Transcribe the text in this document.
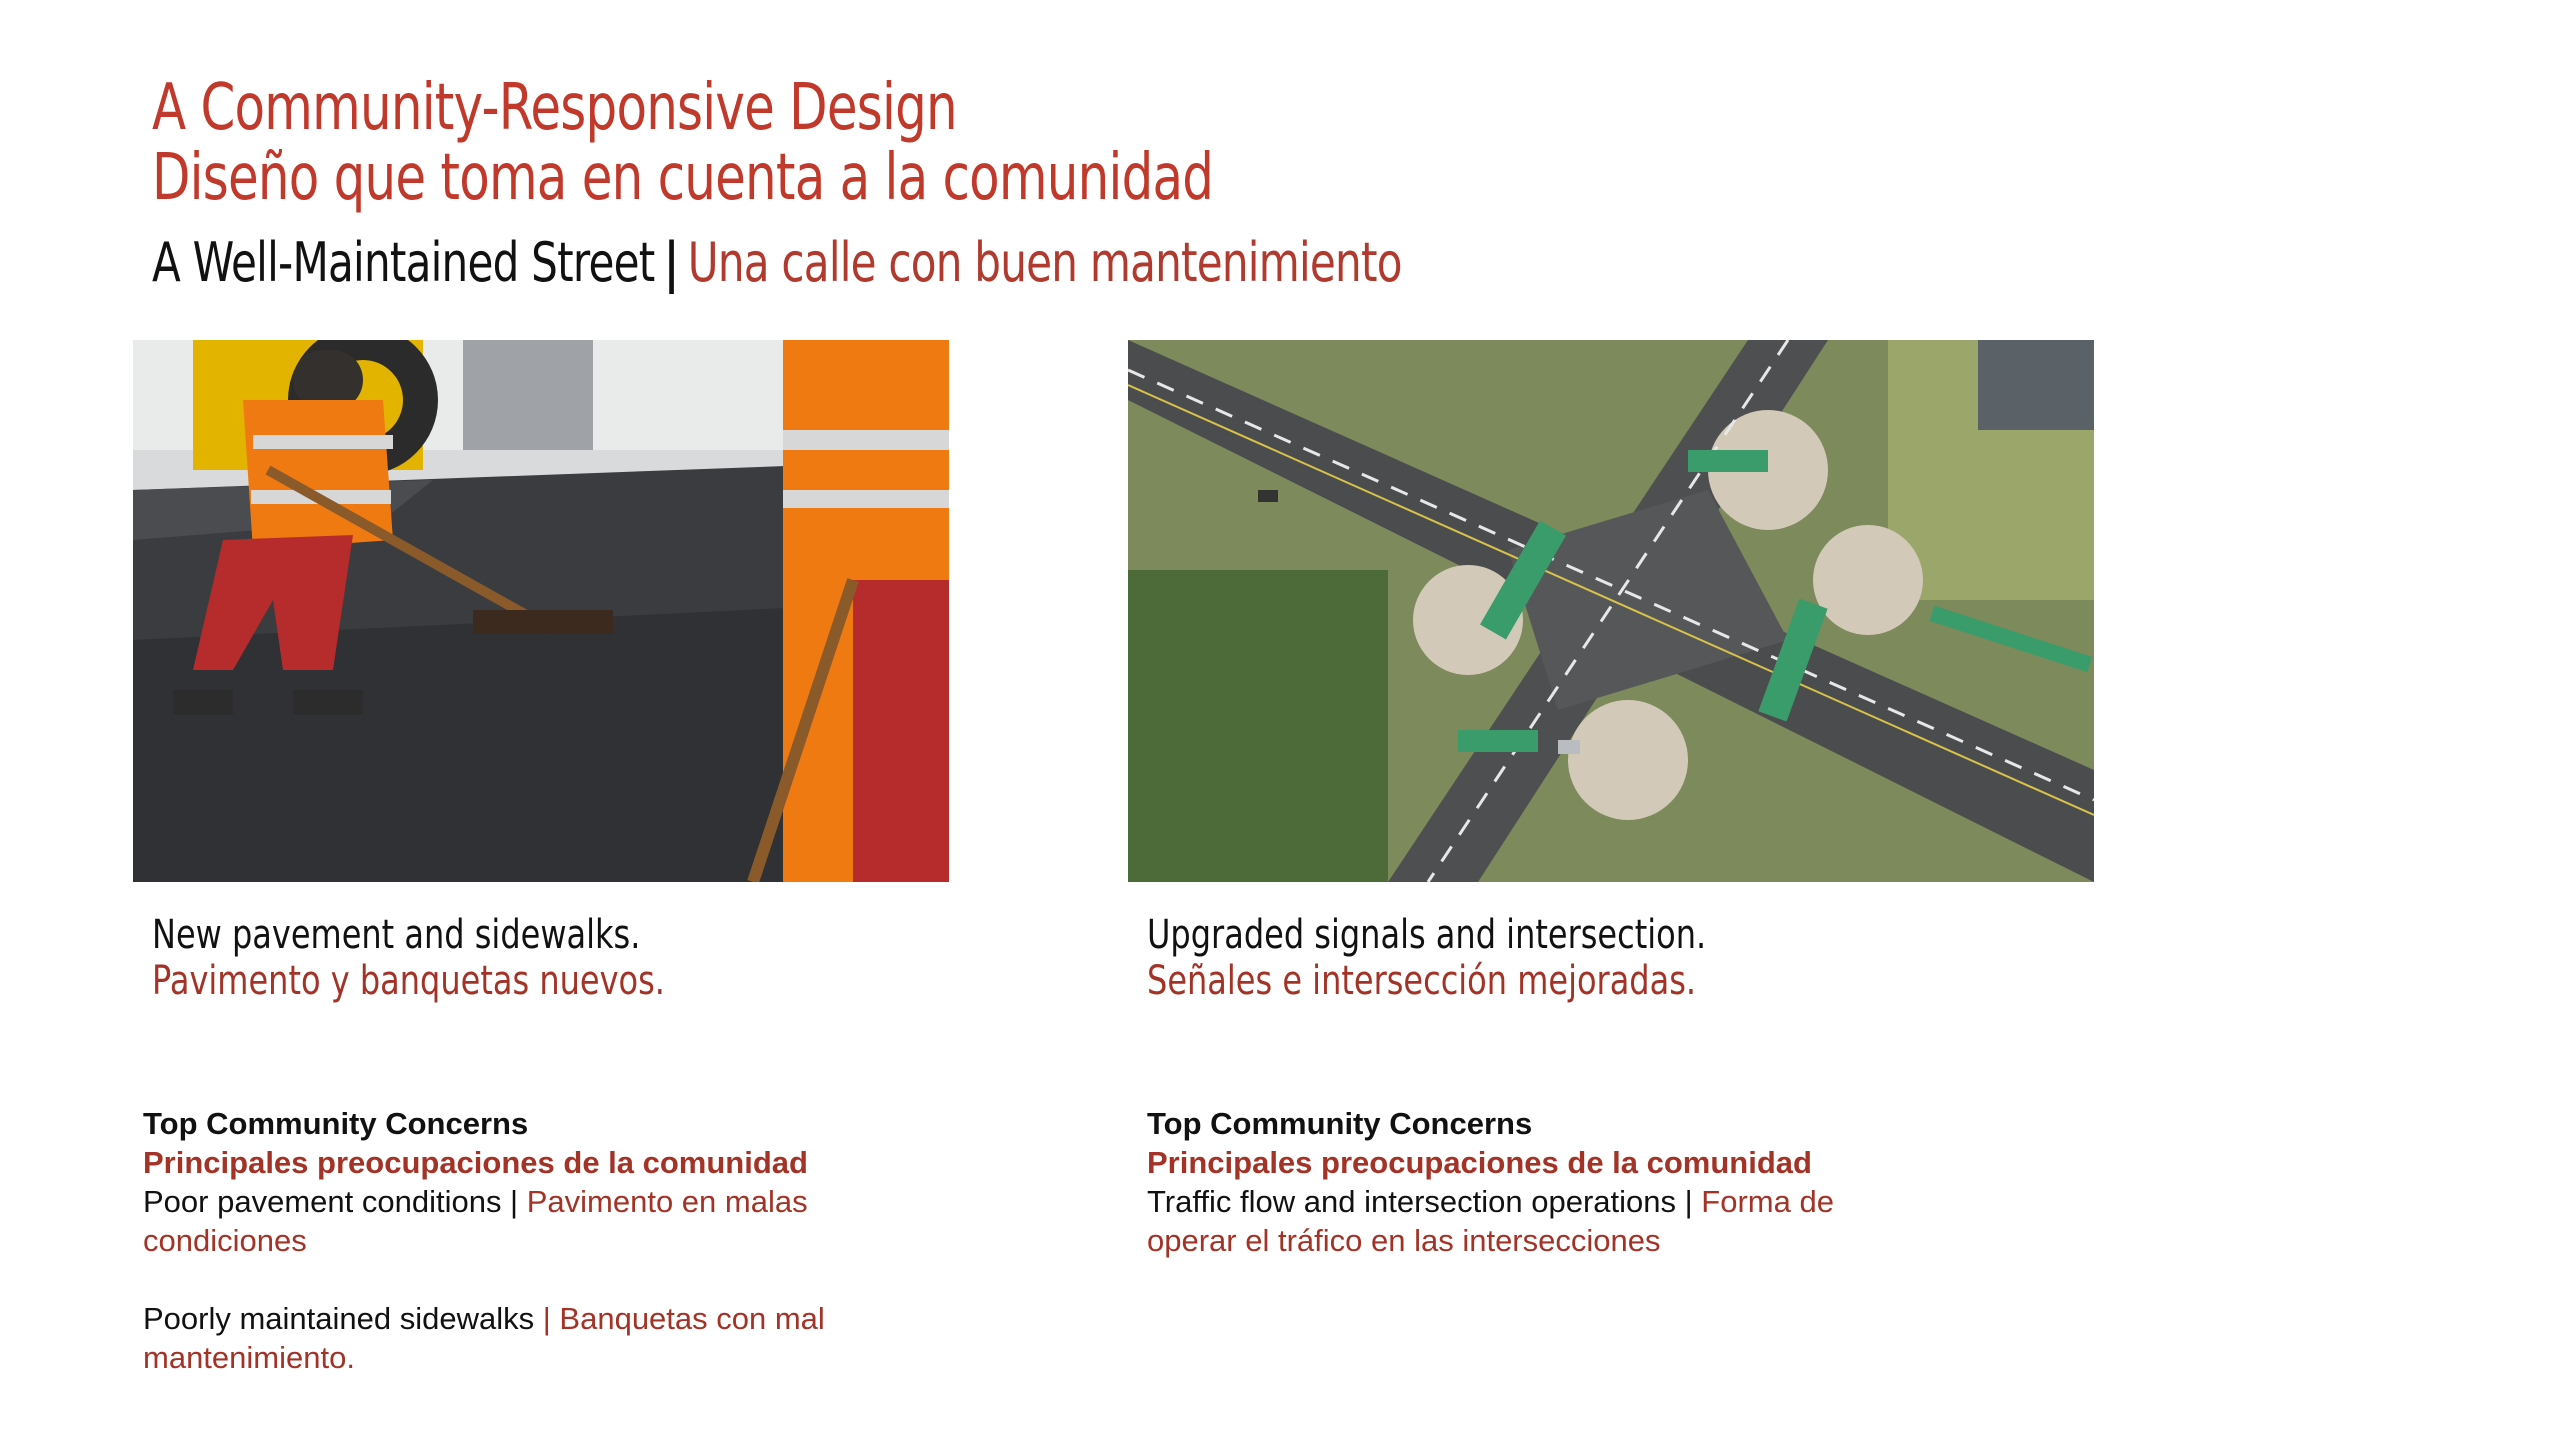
A Community-Responsive Design
Diseño que toma en cuenta a la comunidad
A Well-Maintained Street | Una calle con buen mantenimiento
New pavement and sidewalks.
Pavimento y banquetas nuevos.
Upgraded signals and intersection.
Señales e intersección mejoradas.
Top Community Concerns
Principales preocupaciones de la comunidad

Poor pavement conditions | Pavimento en malas condiciones

Poorly maintained sidewalks | Banquetas con mal mantenimiento.

Top Community Concerns
Principales preocupaciones de la comunidad

Traffic flow and intersection operations | Forma de operar el tráfico en las intersecciones
